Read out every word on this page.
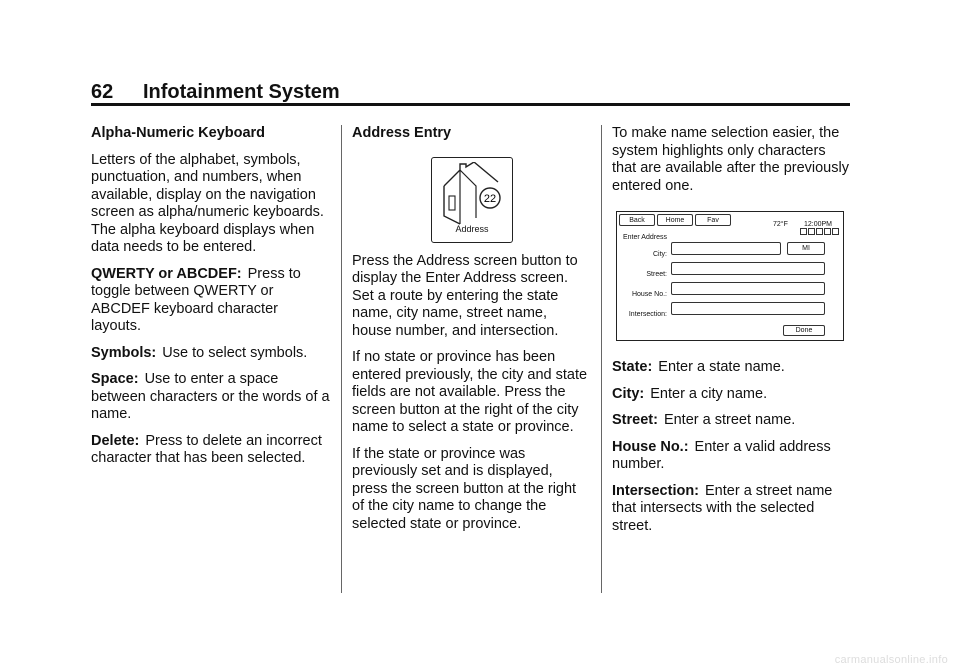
62 Infotainment System

Alpha-Numeric Keyboard

Letters of the alphabet, symbols, punctuation, and numbers, when available, display on the navigation screen as alpha/numeric keyboards. The alpha keyboard displays when data needs to be entered.

QWERTY or ABCDEF: Press to toggle between QWERTY or ABCDEF keyboard character layouts.

Symbols: Use to select symbols.

Space: Use to enter a space between characters or the words of a name.

Delete: Press to delete an incorrect character that has been selected.

Address Entry

22
Address

Press the Address screen button to display the Enter Address screen. Set a route by entering the state name, city name, street name, house number, and intersection.

If no state or province has been entered previously, the city and state fields are not available. Press the screen button at the right of the city name to select a state or province.

If the state or province was previously set and is displayed, press the screen button at the right of the city name to change the selected state or province.

To make name selection easier, the system highlights only characters that are available after the previously entered one.

Back	Home	Fav
72°F 12:00PM
Enter Address
City:
MI
Street:
House No.:
Intersection:
Done

State: Enter a state name.

City: Enter a city name.

Street: Enter a street name.

House No.: Enter a valid address number.

Intersection: Enter a street name that intersects with the selected street.

carmanualsonline.info
